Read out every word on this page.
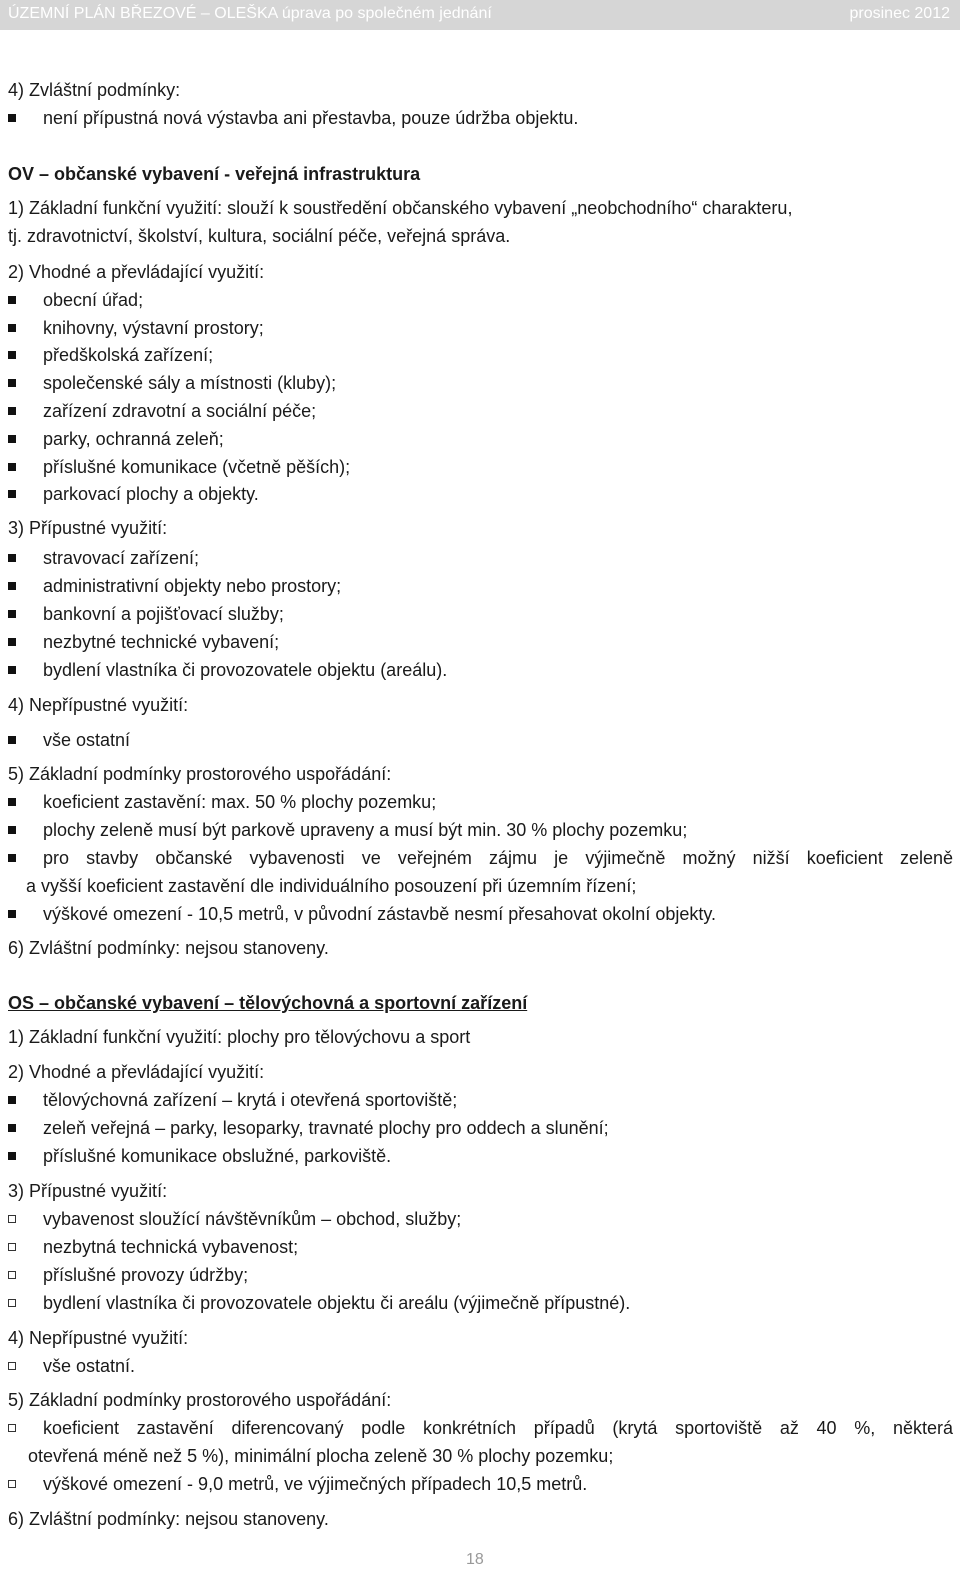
ÚZEMNÍ PLÁN BŘEZOVÉ – OLEŠKA úprava po společném jednání	prosinec 2012
4) Zvláštní podmínky:
není přípustná nová výstavba ani přestavba, pouze údržba objektu.
OV – občanské vybavení - veřejná infrastruktura
1) Základní funkční využití: slouží k soustředění občanského vybavení „neobchodního“ charakteru,
tj. zdravotnictví, školství, kultura, sociální péče, veřejná správa.
2) Vhodné a převládající využití:
obecní úřad;
knihovny, výstavní prostory;
předškolská zařízení;
společenské sály a místnosti (kluby);
zařízení zdravotní a sociální péče;
parky, ochranná zeleň;
příslušné komunikace (včetně pěších);
parkovací plochy a objekty.
3) Přípustné využití:
stravovací zařízení;
administrativní objekty nebo prostory;
bankovní a pojišťovací služby;
nezbytné technické vybavení;
bydlení vlastníka či provozovatele objektu (areálu).
4) Nepřípustné využití:
vše ostatní
5) Základní podmínky prostorového uspořádání:
koeficient zastavění: max. 50 % plochy pozemku;
plochy zeleně musí být parkově upraveny a musí být min. 30 % plochy pozemku;
pro stavby občanské vybavenosti ve veřejném zájmu je výjimečně možný nižší koeficient zeleně
a vyšší koeficient zastavění dle individuálního posouzení při územním řízení;
výškové omezení - 10,5 metrů, v původní zástavbě nesmí přesahovat okolní objekty.
6) Zvláštní podmínky: nejsou stanoveny.
OS – občanské vybavení – tělovýchovná a sportovní zařízení
1) Základní funkční využití: plochy pro tělovýchovu a sport
2) Vhodné a převládající využití:
tělovýchovná zařízení – krytá i otevřená sportoviště;
zeleň veřejná – parky, lesoparky, travnaté plochy pro oddech a slunění;
příslušné komunikace obslužné, parkoviště.
3) Přípustné využití:
vybavenost sloužící návštěvníkům – obchod, služby;
nezbytná technická vybavenost;
příslušné provozy údržby;
bydlení vlastníka či provozovatele objektu či areálu (výjimečně přípustné).
4) Nepřípustné využití:
vše ostatní.
5) Základní podmínky prostorového uspořádání:
koeficient zastavění diferencovaný podle konkrétních případů (krytá sportoviště až 40 %, některá
otevřená méně než 5 %), minimální plocha zeleně 30 % plochy pozemku;
výškové omezení - 9,0 metrů, ve výjimečných případech 10,5 metrů.
6) Zvláštní podmínky: nejsou stanoveny.
18
